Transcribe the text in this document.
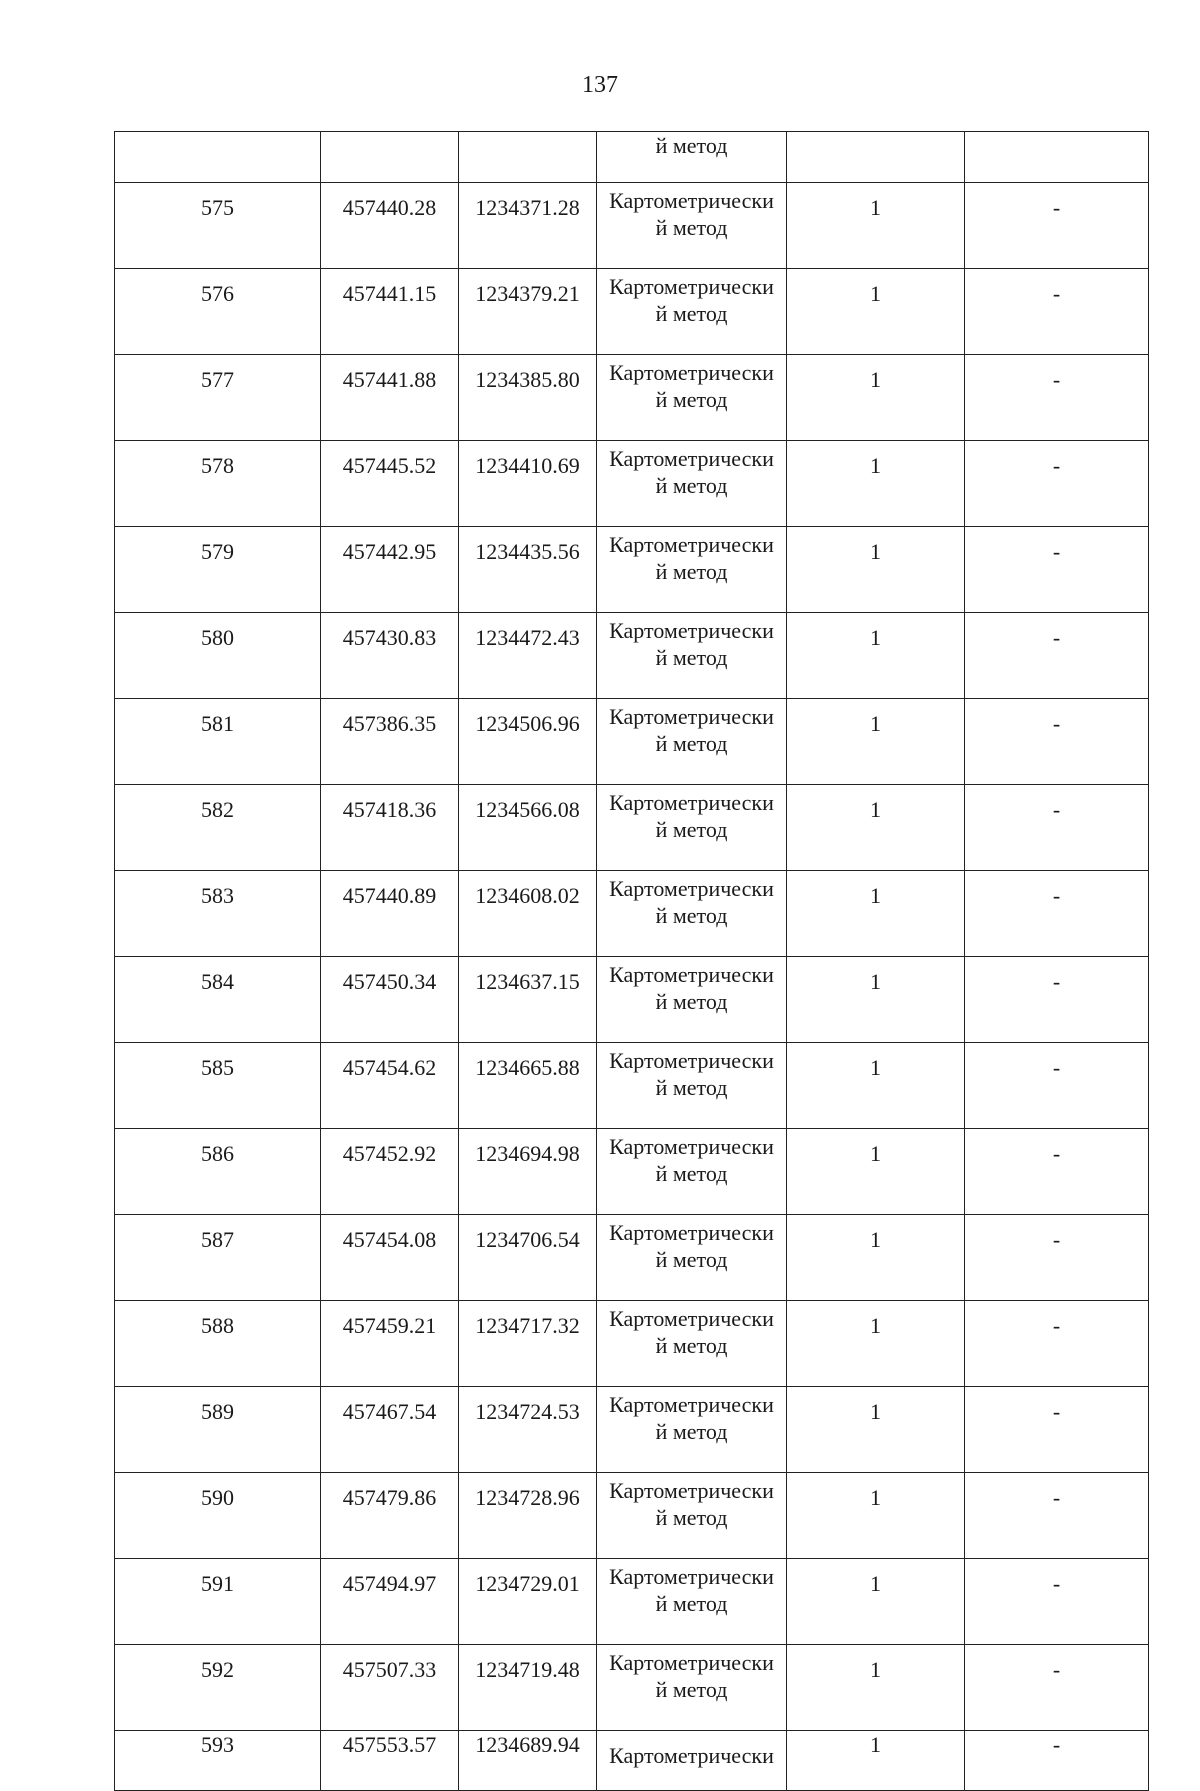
137

			й метод		

575	457440.28	1234371.28	Картометрически
й метод	1	-
576	457441.15	1234379.21	Картометрически
й метод	1	-
577	457441.88	1234385.80	Картометрически
й метод	1	-
578	457445.52	1234410.69	Картометрически
й метод	1	-
579	457442.95	1234435.56	Картометрически
й метод	1	-
580	457430.83	1234472.43	Картометрически
й метод	1	-
581	457386.35	1234506.96	Картометрически
й метод	1	-
582	457418.36	1234566.08	Картометрически
й метод	1	-
583	457440.89	1234608.02	Картометрически
й метод	1	-
584	457450.34	1234637.15	Картометрически
й метод	1	-
585	457454.62	1234665.88	Картометрически
й метод	1	-
586	457452.92	1234694.98	Картометрически
й метод	1	-
587	457454.08	1234706.54	Картометрически
й метод	1	-
588	457459.21	1234717.32	Картометрически
й метод	1	-
589	457467.54	1234724.53	Картометрически
й метод	1	-
590	457479.86	1234728.96	Картометрически
й метод	1	-
591	457494.97	1234729.01	Картометрически
й метод	1	-
592	457507.33	1234719.48	Картометрически
й метод	1	-
593	457553.57	1234689.94	Картометрически	1	-
